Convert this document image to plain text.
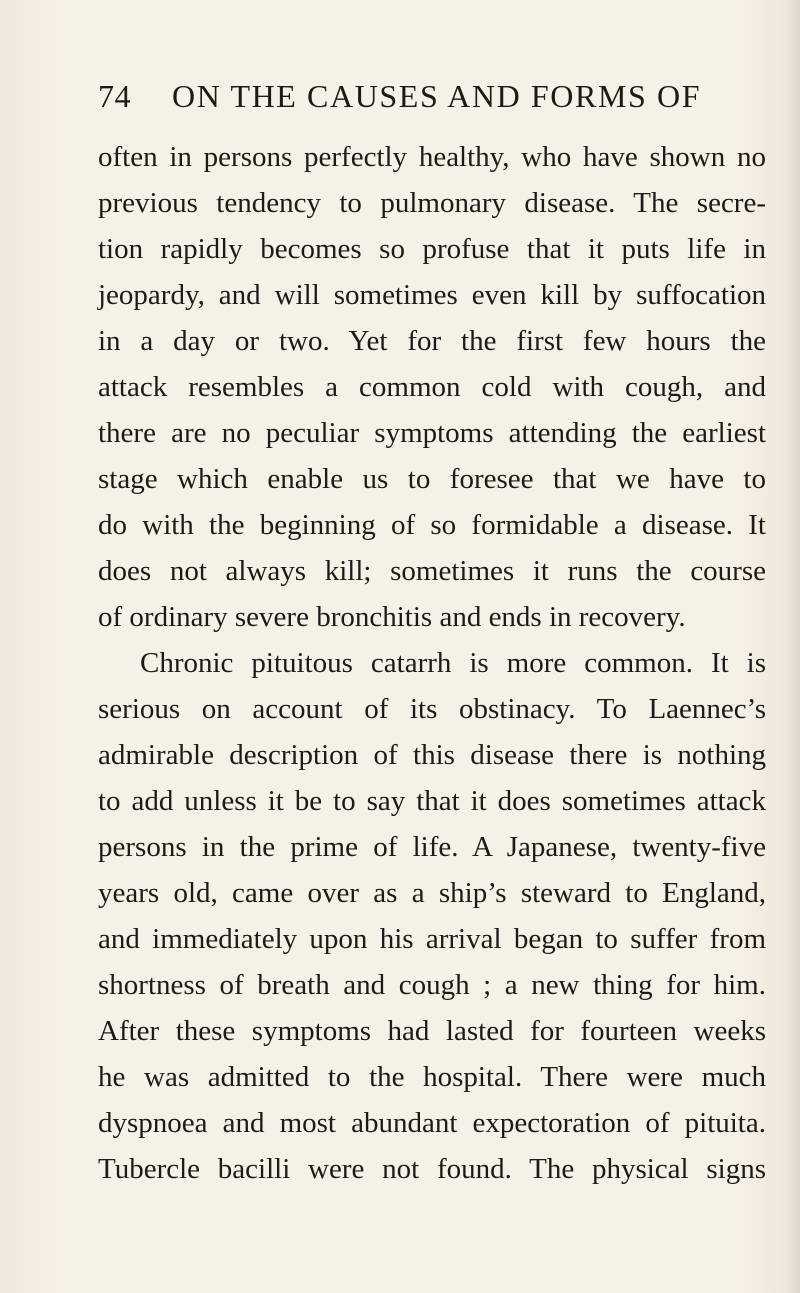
74 ON THE CAUSES AND FORMS OF
often in persons perfectly healthy, who have shown no
previous tendency to pulmonary disease. The secre-
tion rapidly becomes so profuse that it puts life in
jeopardy, and will sometimes even kill by suffocation
in a day or two. Yet for the first few hours the
attack resembles a common cold with cough, and
there are no peculiar symptoms attending the earliest
stage which enable us to foresee that we have to
do with the beginning of so formidable a disease. It
does not always kill; sometimes it runs the course
of ordinary severe bronchitis and ends in recovery.
Chronic pituitous catarrh is more common. It is
serious on account of its obstinacy. To Laennec’s
admirable description of this disease there is nothing
to add unless it be to say that it does sometimes attack
persons in the prime of life. A Japanese, twenty-five
years old, came over as a ship’s steward to England,
and immediately upon his arrival began to suffer from
shortness of breath and cough ; a new thing for him.
After these symptoms had lasted for fourteen weeks
he was admitted to the hospital. There were much
dyspnoea and most abundant expectoration of pituita.
Tubercle bacilli were not found. The physical signs
